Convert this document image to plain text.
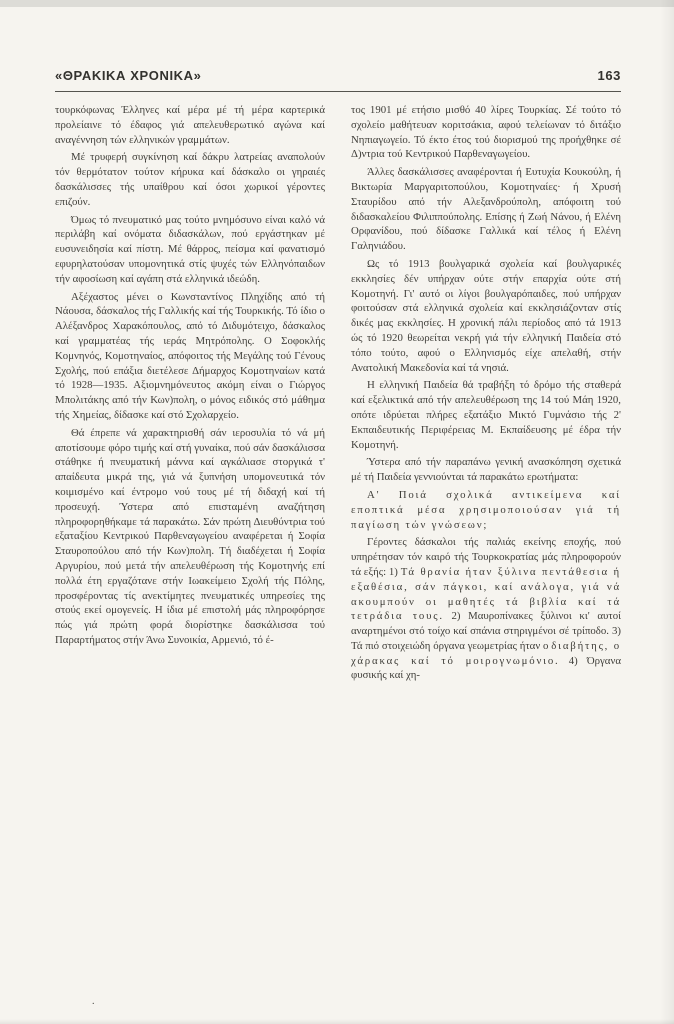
«ΘΡΑΚΙΚΑ ΧΡΟΝΙΚΑ»	163

τουρκόφωνας Έλληνες καί μέρα μέ τή μέρα καρτερικά προλείαινε τό έδαφος γιά απελευθερωτικό αγώνα καί αναγέννηση τών ελληνικών γραμμάτων.

Μέ τρυφερή συγκίνηση καί δάκρυ λατρείας αναπολούν τόν θερμότατον τούτον κήρυκα καί δάσκαλο οι γηραιές δασκάλισσες τής υπαίθρου καί όσοι χωρικοί γέροντες επιζούν.

Όμως τό πνευματικό μας τούτο μνημόσυνο είναι καλό νά περιλάβη καί ονόματα διδασκάλων, πού εργάστηκαν μέ ευσυνειδησία καί πίστη. Μέ θάρρος, πείσμα καί φανατισμό εφυρηλατούσαν υπομονητικά στίς ψυχές τών Ελληνόπαιδων τήν αφοσίωση καί αγάπη στά ελληνικά ιδεώδη.

Αξέχαστος μένει ο Κωνσταντίνος Πληχίδης από τή Νάουσα, δάσκαλος τής Γαλλικής καί τής Τουρκικής. Τό ίδιο ο Αλέξανδρος Χαρακόπουλος, από τό Διδυμότειχο, δάσκαλος καί γραμματέας τής ιεράς Μητρόπολης. Ο Σοφοκλής Κομνηνός, Κομοτηναίος, απόφοιτος τής Μεγάλης τού Γένους Σχολής, πού επάξια διετέλεσε Δήμαρχος Κομοτηναίων κατά τό 1928—1935. Αξιομνημόνευτος ακόμη είναι ο Γιώργος Μπολιτάκης από τήν Κων)πολη, ο μόνος ειδικός στό μάθημα τής Χημείας, δίδασκε καί στό Σχολαρχείο.

Θά έπρεπε νά χαρακτηρισθή σάν ιεροσυλία τό νά μή αποτίσουμε φόρο τιμής καί στή γυναίκα, πού σάν δασκάλισσα στάθηκε ή πνευματική μάννα καί αγκάλιασε στοργικά τ' απαίδευτα μικρά της, γιά νά ξυπνήση υπομονευτικά τόν κοιμισμένο καί έντρομο νού τους μέ τή διδαχή καί τή προσευχή. Ύστερα από επισταμένη αναζήτηση πληροφορηθήκαμε τά παρακάτω. Σάν πρώτη Διευθύντρια τού εξαταξίου Κεντρικού Παρθεναγωγείου αναφέρεται ή Σοφία Σταυροπούλου από τήν Κων)πολη. Τή διαδέχεται ή Σοφία Αργυρίου, πού μετά τήν απελευθέρωση τής Κομοτηνής επί πολλά έτη εργαζότανε στήν Ιωακείμειο Σχολή τής Πόλης, προσφέροντας τίς ανεκτίμητες πνευματικές υπηρεσίες της στούς εκεί ομογενείς. Η ίδια μέ επιστολή μάς πληροφόρησε πώς γιά πρώτη φορά διορίστηκε δασκάλισσα τού Παραρτήματος στήν Άνω Συνοικία, Αρμενιό, τό έ-

τος 1901 μέ ετήσιο μισθό 40 λίρες Τουρκίας. Σέ τούτο τό σχολείο μαθήτευαν κοριτσάκια, αφού τελείωναν τό διτάξιο Νηπιαγωγείο. Τό έκτο έτος τού διορισμού της προήχθηκε σέ Δ)ντρια τού Κεντρικού Παρθεναγωγείου.

Άλλες δασκάλισσες αναφέρονται ή Ευτυχία Κουκούλη, ή Βικτωρία Μαργαριτοπούλου, Κομοτηναίες· ή Χρυσή Σταυρίδου από τήν Αλεξανδρούπολη, απόφοιτη τού διδασκαλείου Φιλιππούπολης. Επίσης ή Ζωή Νάνου, ή Ελένη Ορφανίδου, πού δίδασκε Γαλλικά καί τέλος ή Ελένη Γαληνιάδου.

Ως τό 1913 βουλγαρικά σχολεία καί βουλγαρικές εκκλησίες δέν υπήρχαν ούτε στήν επαρχία ούτε στή Κομοτηνή. Γι' αυτό οι λίγοι βουλγαρόπαιδες, πού υπήρχαν φοιτούσαν στά ελληνικά σχολεία καί εκκλησιάζονταν στίς δικές μας εκκλησίες. Η χρονική πάλι περίοδος από τά 1913 ώς τό 1920 θεωρείται νεκρή γιά τήν ελληνική Παιδεία στό τόπο τούτο, αφού ο Ελληνισμός είχε απελαθή, στήν Ανατολική Μακεδονία καί τά νησιά.

Η ελληνική Παιδεία θά τραβήξη τό δρόμο τής σταθερά καί εξελικτικά από τήν απελευθέρωση της 14 τού Μάη 1920, οπότε ιδρύεται πλήρες εξατάξιο Μικτό Γυμνάσιο τής 2' Εκπαιδευτικής Περιφέρειας Μ. Εκπαίδευσης μέ έδρα τήν Κομοτηνή.

Ύστερα από τήν παραπάνω γενική ανασκόπηση σχετικά μέ τή Παιδεία γεννιούνται τά παρακάτω ερωτήματα:

Α' Ποιά σχολικά αντικείμενα καί εποπτικά μέσα χρησιμοποιούσαν γιά τή παγίωση τών γνώσεων;

Γέροντες δάσκαλοι τής παλιάς εκείνης εποχής, πού υπηρέτησαν τόν καιρό τής Τουρκοκρατίας μάς πληροφορούν τά εξής: 1) Τά θρανία ήταν ξύλινα πεντάθεσια ή εξαθέσια, σάν πάγκοι, καί ανάλογα, γιά νά ακουμπούν οι μαθητές τά βιβλία καί τά τετράδια τους. 2) Μαυροπίνακες ξύλινοι κι' αυτοί αναρτημένοι στό τοίχο καί σπάνια στηριγμένοι σέ τρίποδο. 3) Τά πιό στοιχειώδη όργανα γεωμετρίας ήταν ο διαβήτης, ο χάρακας καί τό μοιρογνωμόνιο. 4) Όργανα φυσικής καί χη-

.
